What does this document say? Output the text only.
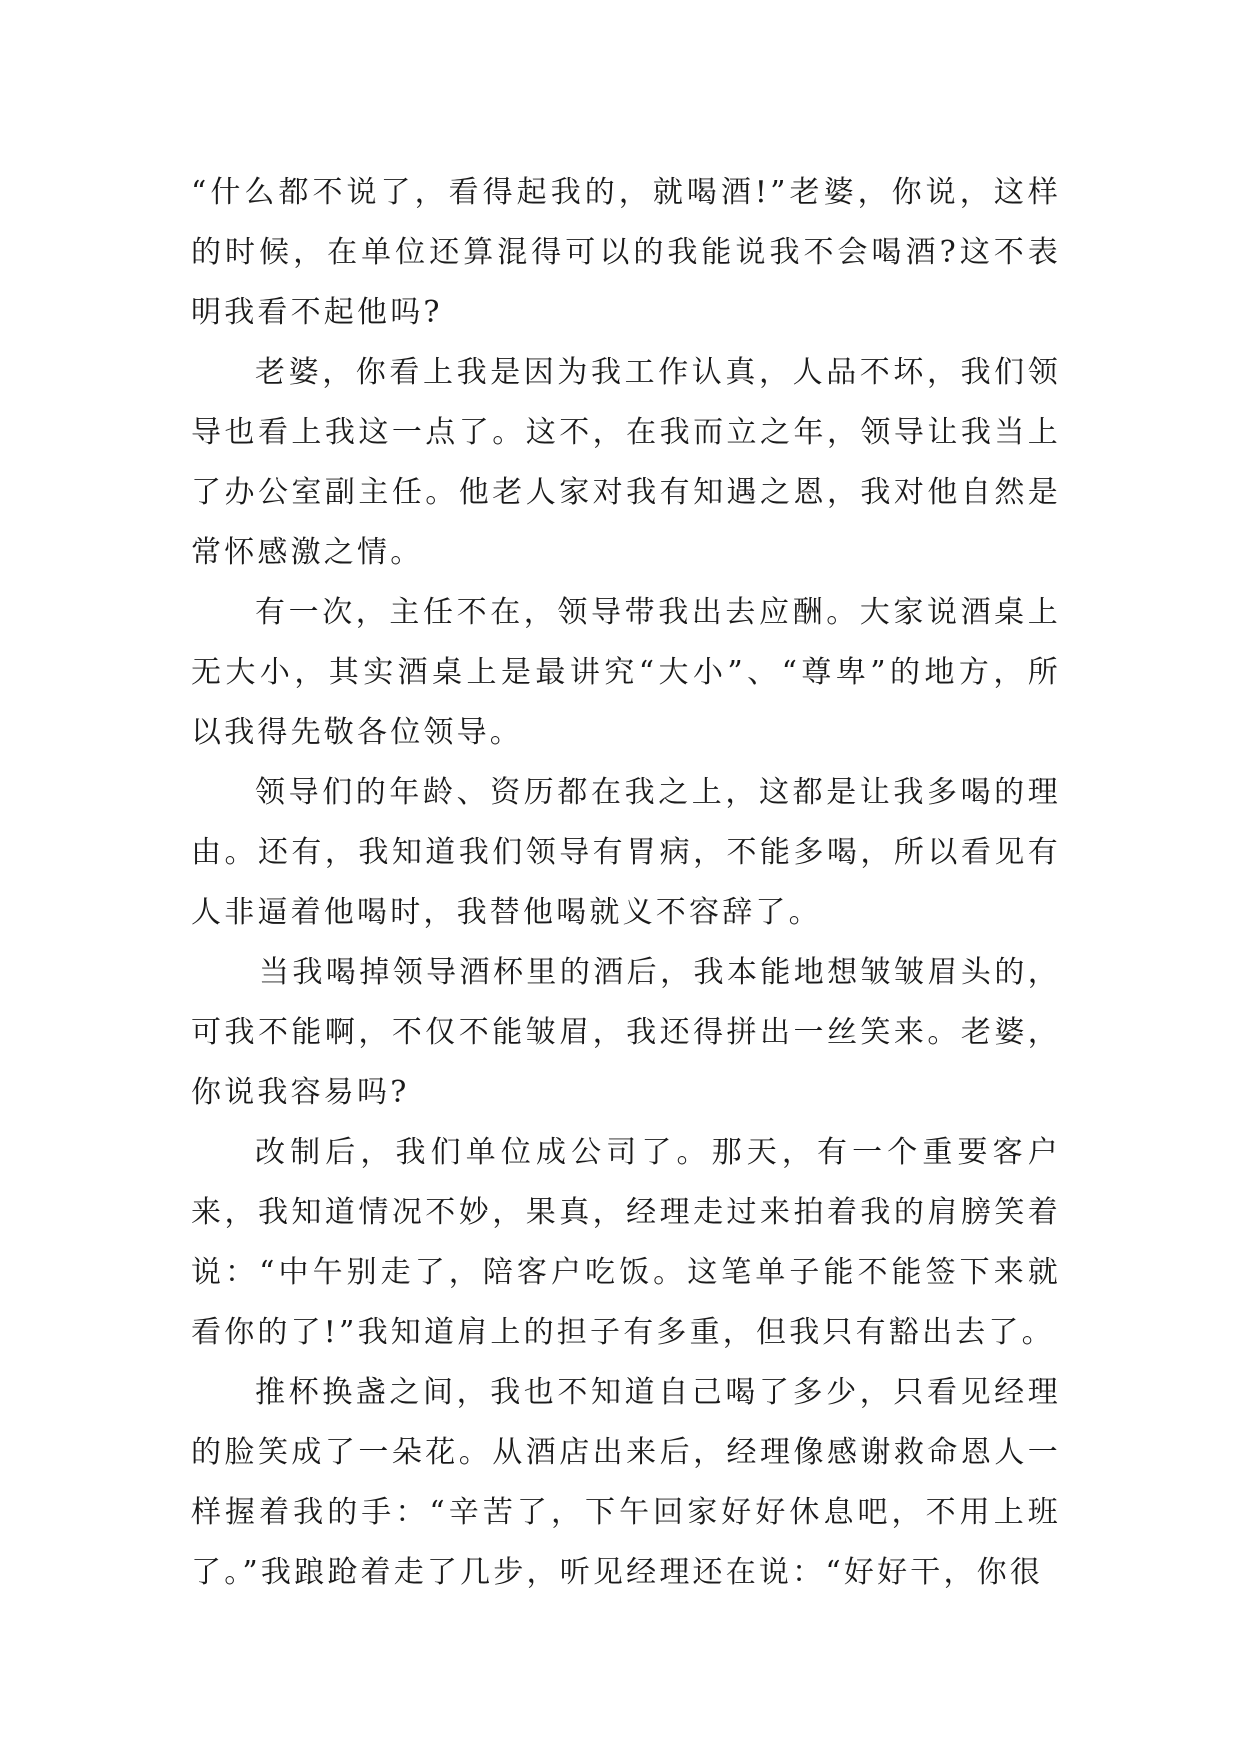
“什么都不说了，看得起我的，就喝酒!”老婆，你说，这样的时候，在单位还算混得可以的我能说我不会喝酒?这不表明我看不起他吗?

老婆，你看上我是因为我工作认真，人品不坏，我们领导也看上我这一点了。这不，在我而立之年，领导让我当上了办公室副主任。他老人家对我有知遇之恩，我对他自然是常怀感激之情。

有一次，主任不在，领导带我出去应酬。大家说酒桌上无大小，其实酒桌上是最讲究“大小”、“尊卑”的地方，所以我得先敬各位领导。

领导们的年龄、资历都在我之上，这都是让我多喝的理由。还有，我知道我们领导有胃病，不能多喝，所以看见有人非逼着他喝时，我替他喝就义不容辞了。

当我喝掉领导酒杯里的酒后，我本能地想皱皱眉头的，可我不能啊，不仅不能皱眉，我还得拼出一丝笑来。老婆，你说我容易吗?

改制后，我们单位成公司了。那天，有一个重要客户来，我知道情况不妙，果真，经理走过来拍着我的肩膀笑着说：“中午别走了，陪客户吃饭。这笔单子能不能签下来就看你的了!”我知道肩上的担子有多重，但我只有豁出去了。

推杯换盏之间，我也不知道自己喝了多少，只看见经理的脸笑成了一朵花。从酒店出来后，经理像感谢救命恩人一样握着我的手：“辛苦了，下午回家好好休息吧，不用上班了。”我踉跄着走了几步，听见经理还在说：“好好干，你很
